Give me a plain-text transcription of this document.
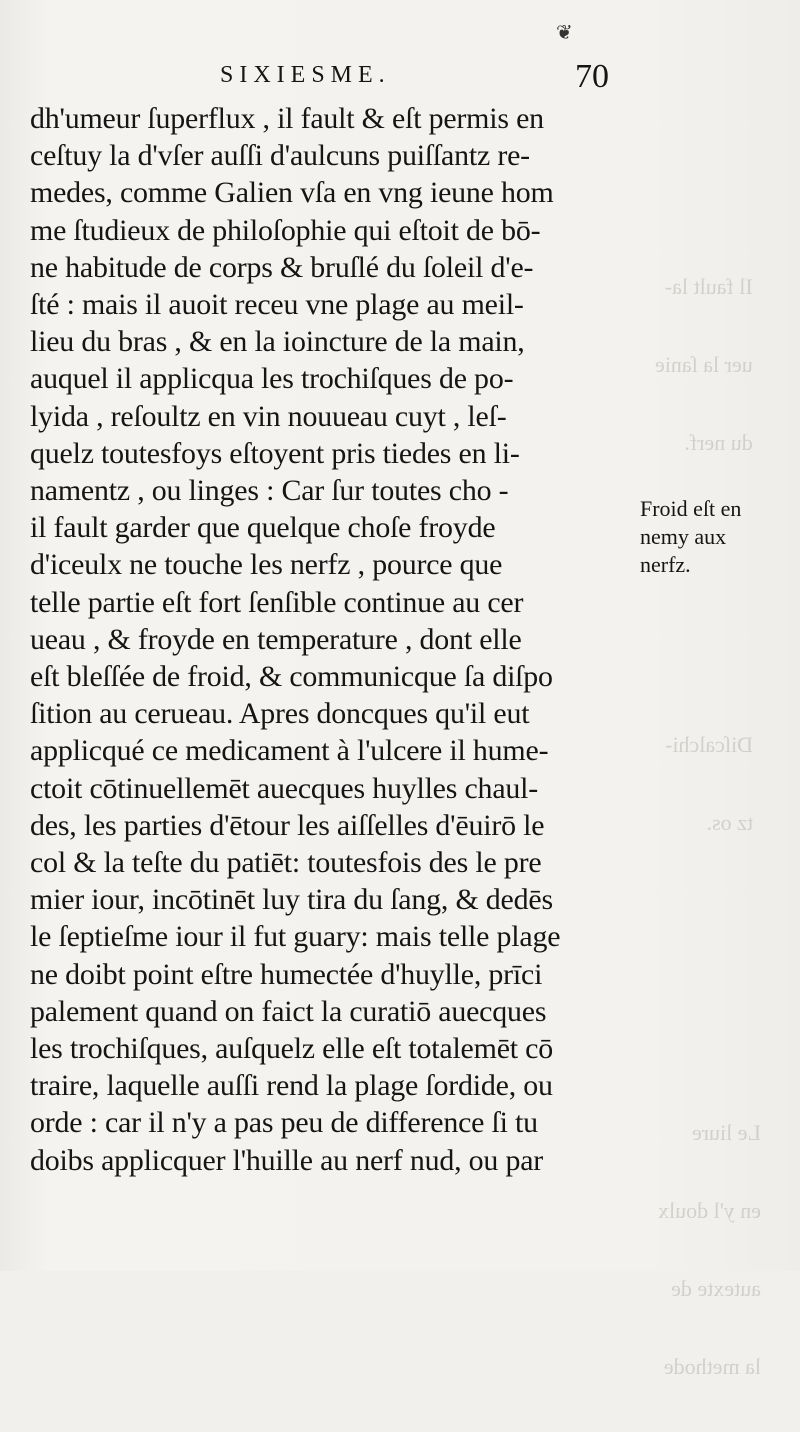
Il fault la-

uer la ſanie

du nerf.

Diſcalchi-

tz os.

Le liure

en y'l doulx

autexte de

la methode

❦
SIXIESME.	70
dh'umeur ſuperflux , il fault & eſt permis en
ceſtuy la d'vſer auſſi d'aulcuns puiſſantz re-
medes, comme Galien vſa en vng ieune hom
me ſtudieux de philoſophie qui eſtoit de bō-
ne habitude de corps & bruſlé du ſoleil d'e-
ſté : mais il auoit receu vne plage au meil-
lieu du bras , & en la ioincture de la main,
auquel il applicqua les trochiſques de po-
lyida , reſoultz en vin nouueau cuyt , leſ-
quelz toutesfoys eſtoyent pris tiedes en li-
namentz , ou linges : Car ſur toutes cho -
il fault garder que quelque choſe froyde
d'iceulx ne touche les nerfz , pource que
telle partie eſt fort ſenſible continue au cer
ueau , & froyde en temperature , dont elle
eſt bleſſée de froid, & communicque ſa diſpo
ſition au cerueau. Apres doncques qu'il eut
applicqué ce medicament à l'ulcere il hume-
ctoit cōtinuellemēt auecques huylles chaul-
des, les parties d'ētour les aiſſelles d'ēuirō le
col & la teſte du patiēt: toutesfois des le pre
mier iour, incōtinēt luy tira du ſang, & dedēs
le ſeptieſme iour il fut guary: mais telle plage
ne doibt point eſtre humectée d'huylle, prīci
palement quand on faict la curatiō auecques
les trochiſques, auſquelz elle eſt totalemēt cō
traire, laquelle auſſi rend la plage ſordide, ou
orde : car il n'y a pas peu de difference ſi tu
doibs applicquer l'huille au nerf nud, ou par
Froid eſt en
nemy aux
nerfz.
